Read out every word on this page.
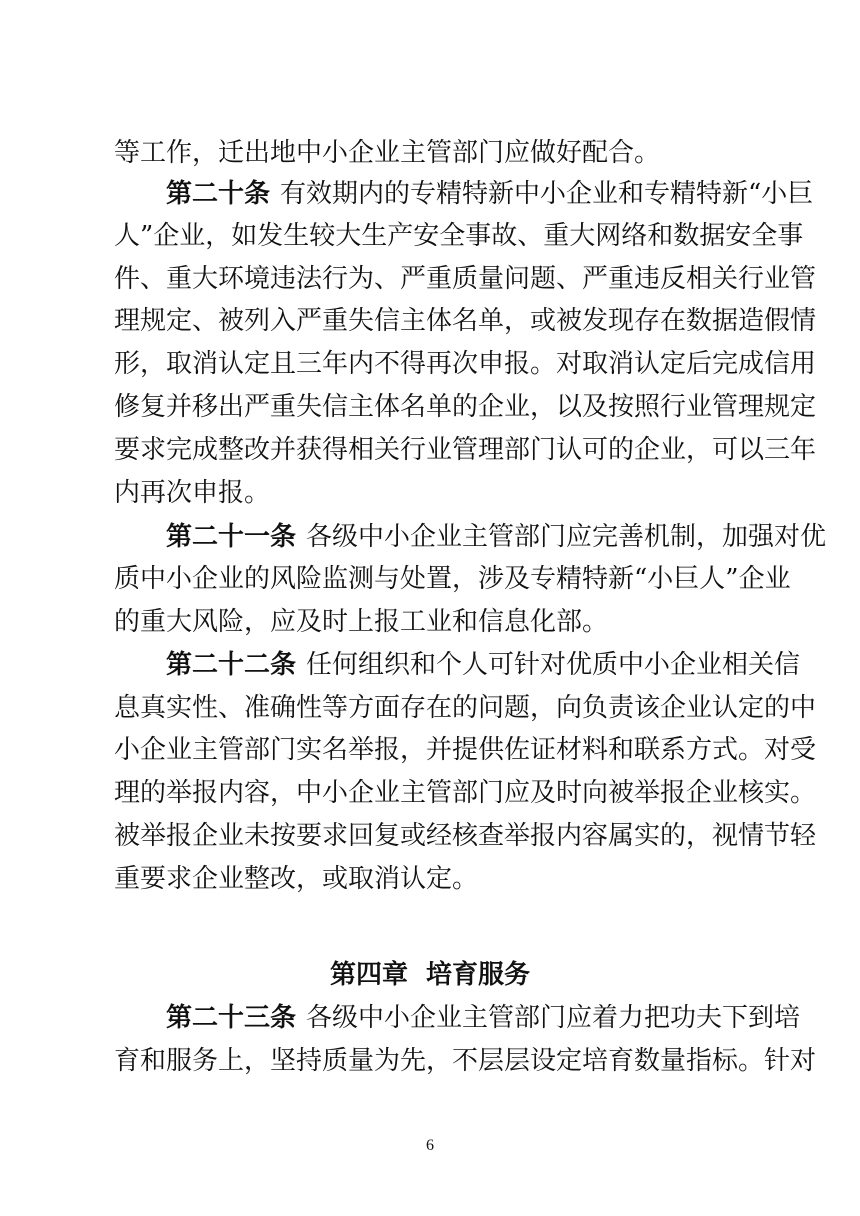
等工作，迁出地中小企业主管部门应做好配合。
第二十条 有效期内的专精特新中小企业和专精特新“小巨
人”企业，如发生较大生产安全事故、重大网络和数据安全事
件、重大环境违法行为、严重质量问题、严重违反相关行业管
理规定、被列入严重失信主体名单，或被发现存在数据造假情
形，取消认定且三年内不得再次申报。对取消认定后完成信用
修复并移出严重失信主体名单的企业，以及按照行业管理规定
要求完成整改并获得相关行业管理部门认可的企业，可以三年
内再次申报。
第二十一条 各级中小企业主管部门应完善机制，加强对优
质中小企业的风险监测与处置，涉及专精特新“小巨人”企业
的重大风险，应及时上报工业和信息化部。
第二十二条 任何组织和个人可针对优质中小企业相关信
息真实性、准确性等方面存在的问题，向负责该企业认定的中
小企业主管部门实名举报，并提供佐证材料和联系方式。对受
理的举报内容，中小企业主管部门应及时向被举报企业核实。
被举报企业未按要求回复或经核查举报内容属实的，视情节轻
重要求企业整改，或取消认定。
第四章  培育服务
第二十三条 各级中小企业主管部门应着力把功夫下到培
育和服务上，坚持质量为先，不层层设定培育数量指标。针对
6
